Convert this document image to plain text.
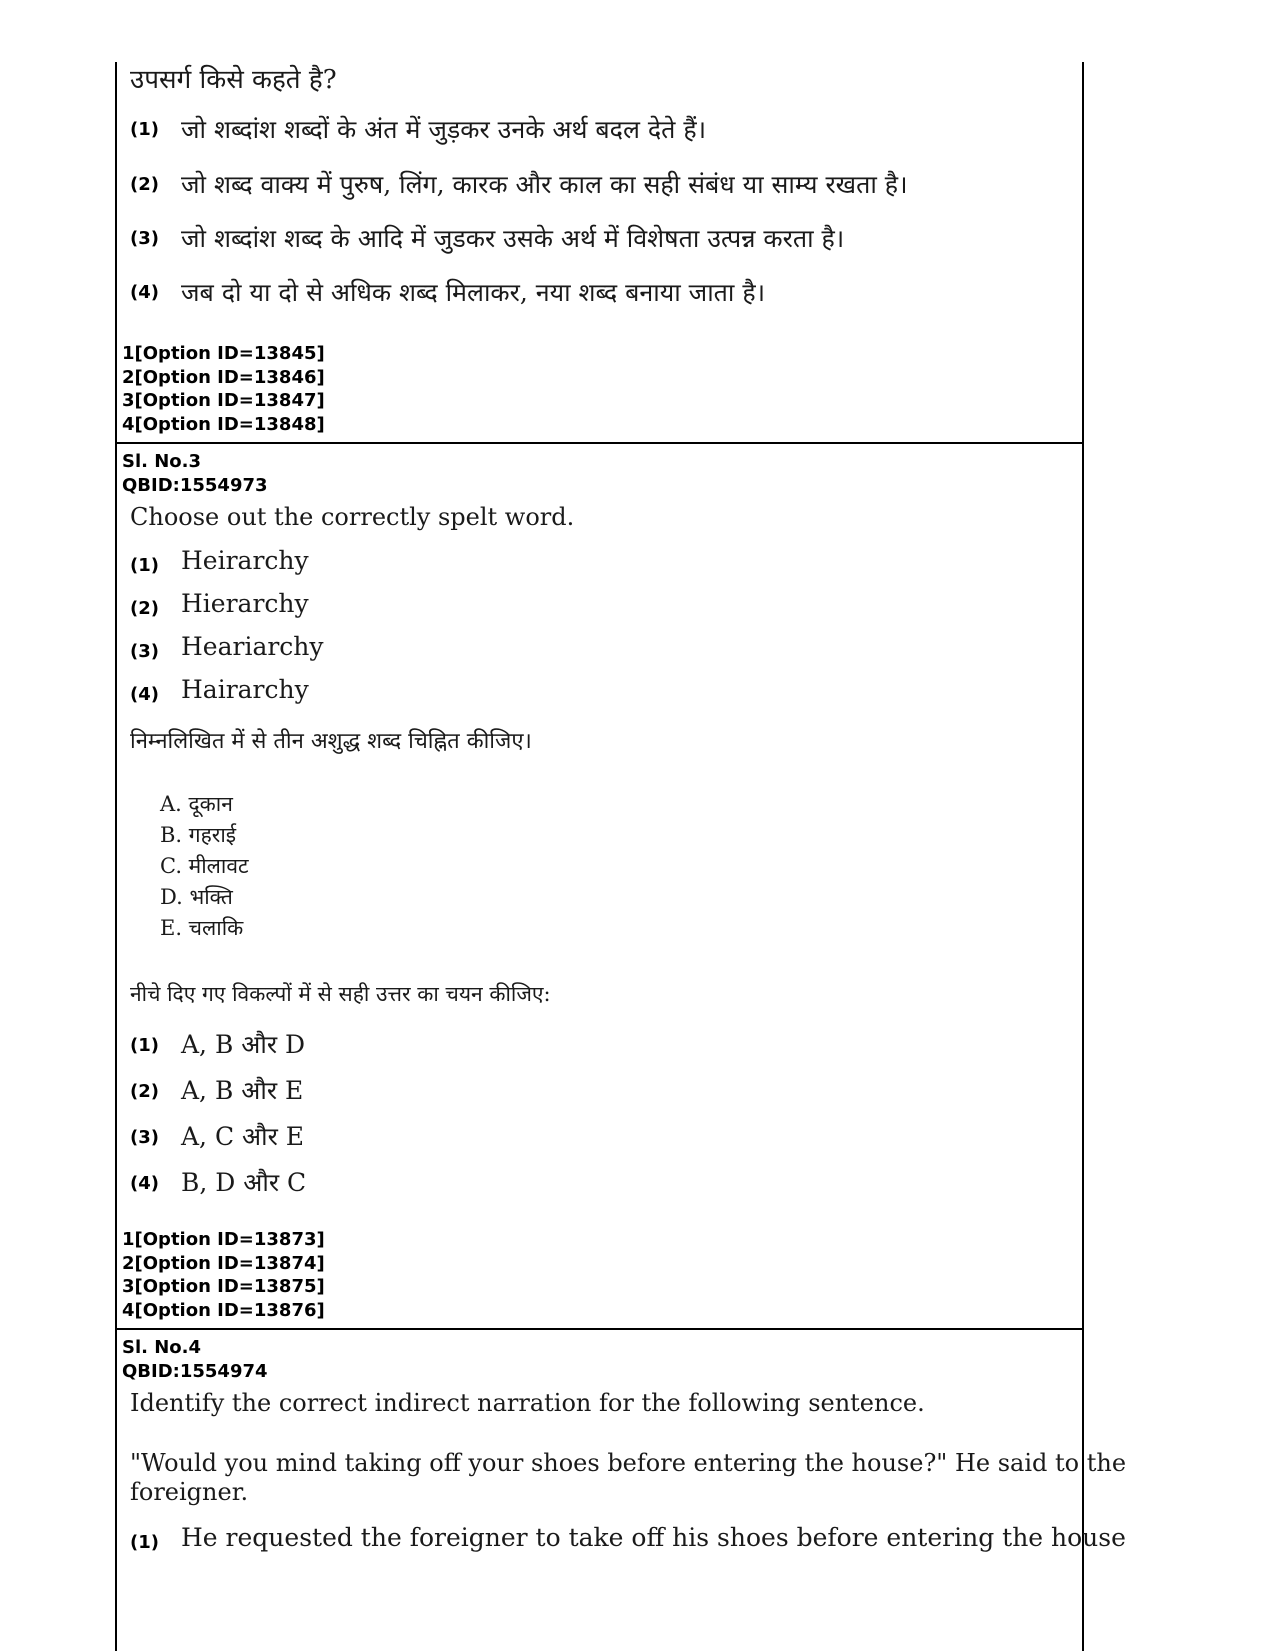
उपसर्ग किसे कहते है?
(1) जो शब्दांश शब्दों के अंत में जुड़कर उनके अर्थ बदल देते हैं।
(2) जो शब्द वाक्य में पुरुष, लिंग, कारक और काल का सही संबंध या साम्य रखता है।
(3) जो शब्दांश शब्द के आदि में जुडकर उसके अर्थ में विशेषता उत्पन्न करता है।
(4) जब दो या दो से अधिक शब्द मिलाकर, नया शब्द बनाया जाता है।
1[Option ID=13845]
2[Option ID=13846]
3[Option ID=13847]
4[Option ID=13848]
Sl. No.3
QBID:1554973
Choose out the correctly spelt word.
(1) Heirarchy
(2) Hierarchy
(3) Heariarchy
(4) Hairarchy
निम्नलिखित में से तीन अशुद्ध शब्द चिह्नित कीजिए।
A. दूकान
B. गहराई
C. मीलावट
D. भक्ति
E. चलाकि
नीचे दिए गए विकल्पों में से सही उत्तर का चयन कीजिए:
(1) A, B और D
(2) A, B और E
(3) A, C और E
(4) B, D और C
1[Option ID=13873]
2[Option ID=13874]
3[Option ID=13875]
4[Option ID=13876]
Sl. No.4
QBID:1554974
Identify the correct indirect narration for the following sentence.
"Would you mind taking off your shoes before entering the house?" He said to the
foreigner.
(1) He requested the foreigner to take off his shoes before entering the house
